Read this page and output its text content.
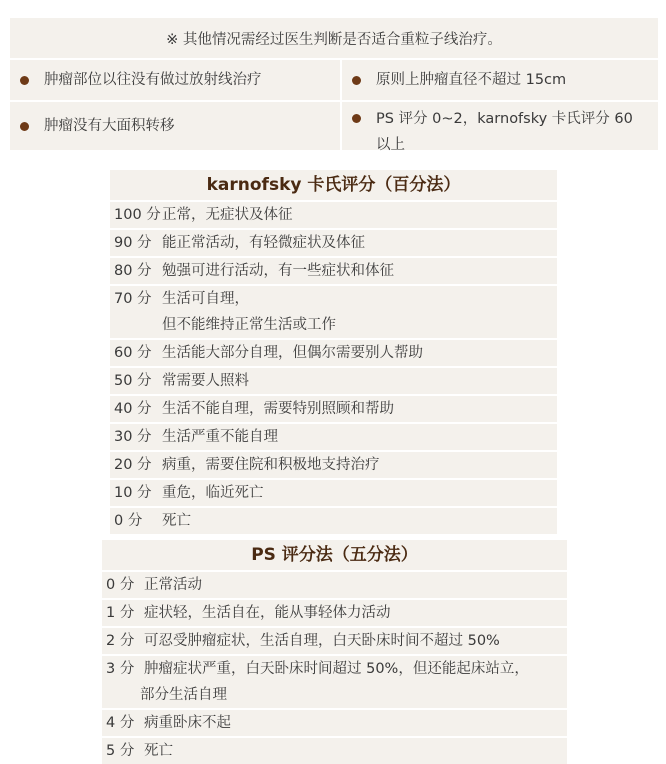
※ 其他情况需经过医生判断是否适合重粒子线治疗。
肿瘤部位以往没有做过放射线治疗	原则上肿瘤直径不超过 15cm
肿瘤没有大面积转移	PS 评分 0~2，karnofsky 卡氏评分 60 以上
karnofsky 卡氏评分（百分法）
100 分正常，无症状及体征
90 分 能正常活动，有轻微症状及体征
80 分 勉强可进行活动，有一些症状和体征
70 分 生活可自理，
但不能维持正常生活或工作
60 分 生活能大部分自理，但偶尔需要别人帮助
50 分 常需要人照料
40 分 生活不能自理，需要特别照顾和帮助
30 分 生活严重不能自理
20 分 病重，需要住院和积极地支持治疗
10 分 重危，临近死亡
0 分 死亡
PS 评分法（五分法）
0 分 正常活动
1 分 症状轻，生活自在，能从事轻体力活动
2 分 可忍受肿瘤症状，生活自理，白天卧床时间不超过 50%
3 分 肿瘤症状严重，白天卧床时间超过 50%，但还能起床站立，
部分生活自理
4 分 病重卧床不起
5 分 死亡
